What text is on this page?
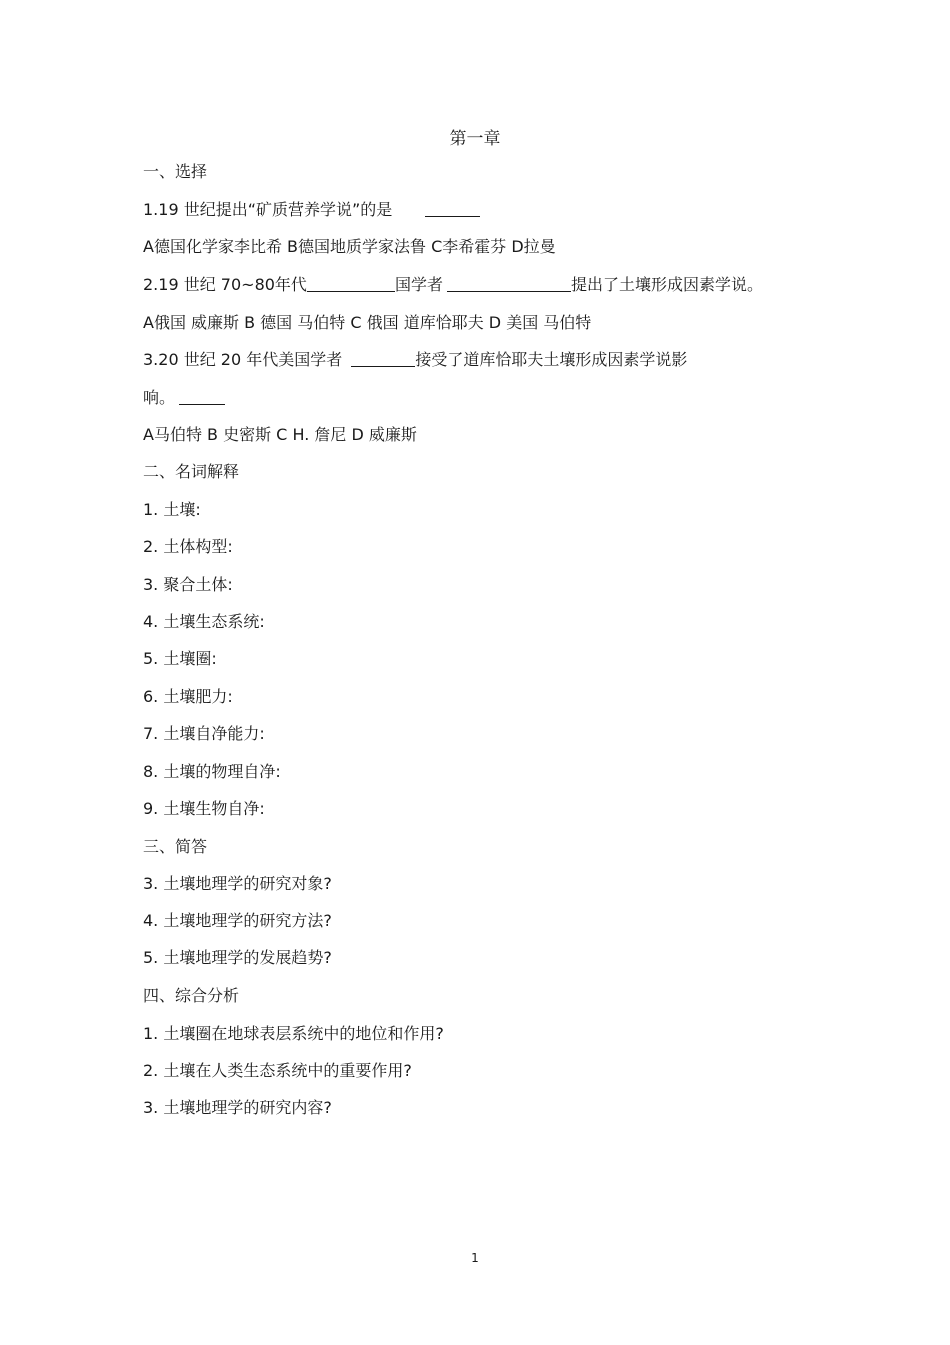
第一章
一、选择
1.19 世纪提出“矿质营养学说”的是
A德国化学家李比希 B德国地质学家法鲁 C李希霍芬 D拉曼
2.19 世纪 70~80年代	国学者	提出了土壤形成因素学说。
A俄国 威廉斯 B 德国 马伯特 C 俄国 道库恰耶夫 D 美国 马伯特
3.20 世纪 20 年代美国学者	接受了道库恰耶夫土壤形成因素学说影
响。
A马伯特 B 史密斯 C H. 詹尼 D 威廉斯
二、名词解释
1. 土壤:
2. 土体构型:
3. 聚合土体:
4. 土壤生态系统:
5. 土壤圈:
6. 土壤肥力:
7. 土壤自净能力:
8. 土壤的物理自净:
9. 土壤生物自净:
三、简答
3. 土壤地理学的研究对象?
4. 土壤地理学的研究方法?
5. 土壤地理学的发展趋势?
四、综合分析
1. 土壤圈在地球表层系统中的地位和作用?
2. 土壤在人类生态系统中的重要作用?
3. 土壤地理学的研究内容?
1
